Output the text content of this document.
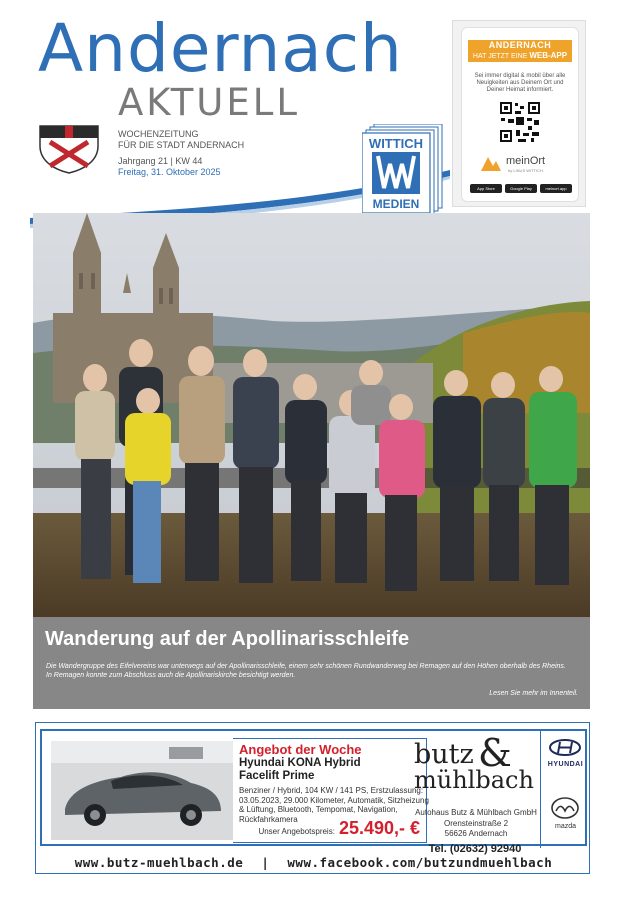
Andernach
AKTUELL
WOCHENZEITUNG
FÜR DIE STADT ANDERNACH
Jahrgang 21 | KW 44
Freitag, 31. Oktober 2025
WITTICH
MEDIEN
ANDERNACH
HAT JETZT EINE WEB-APP
Sei immer digital & mobil über alle Neuigkeiten aus Deinem Ort und Deiner Heimat informiert.
meinOrt
by LINUS WITTICH
App Store	Google Play	meinort.app
Wanderung auf der Apollinarisschleife
Die Wandergruppe des Eifelvereins war unterwegs auf der Apollinarisschleife, einem sehr schönen Rundwanderweg bei Remagen auf den Höhen oberhalb des Rheins.
In Remagen konnte zum Abschluss auch die Apollinariskirche besichtigt werden.
Lesen Sie mehr im Innenteil.
Angebot der Woche
Hyundai KONA Hybrid
Facelift Prime
Benziner / Hybrid, 104 KW / 141 PS, Erstzulassung: 03.05.2023, 29.000 Kilometer, Automatik, Sitzheizung & Lüftung, Bluetooth, Tempomat, Navigation, Rückfahrkamera
Unser Angebotspreis: 25.490,- €
butz &
mühlbach
Autohaus Butz & Mühlbach GmbH
Orensteinstraße 2
56626 Andernach
Tel. (02632) 92940
HYUNDAI
mazda
www.butz-muehlbach.de | www.facebook.com/butzundmuehlbach
